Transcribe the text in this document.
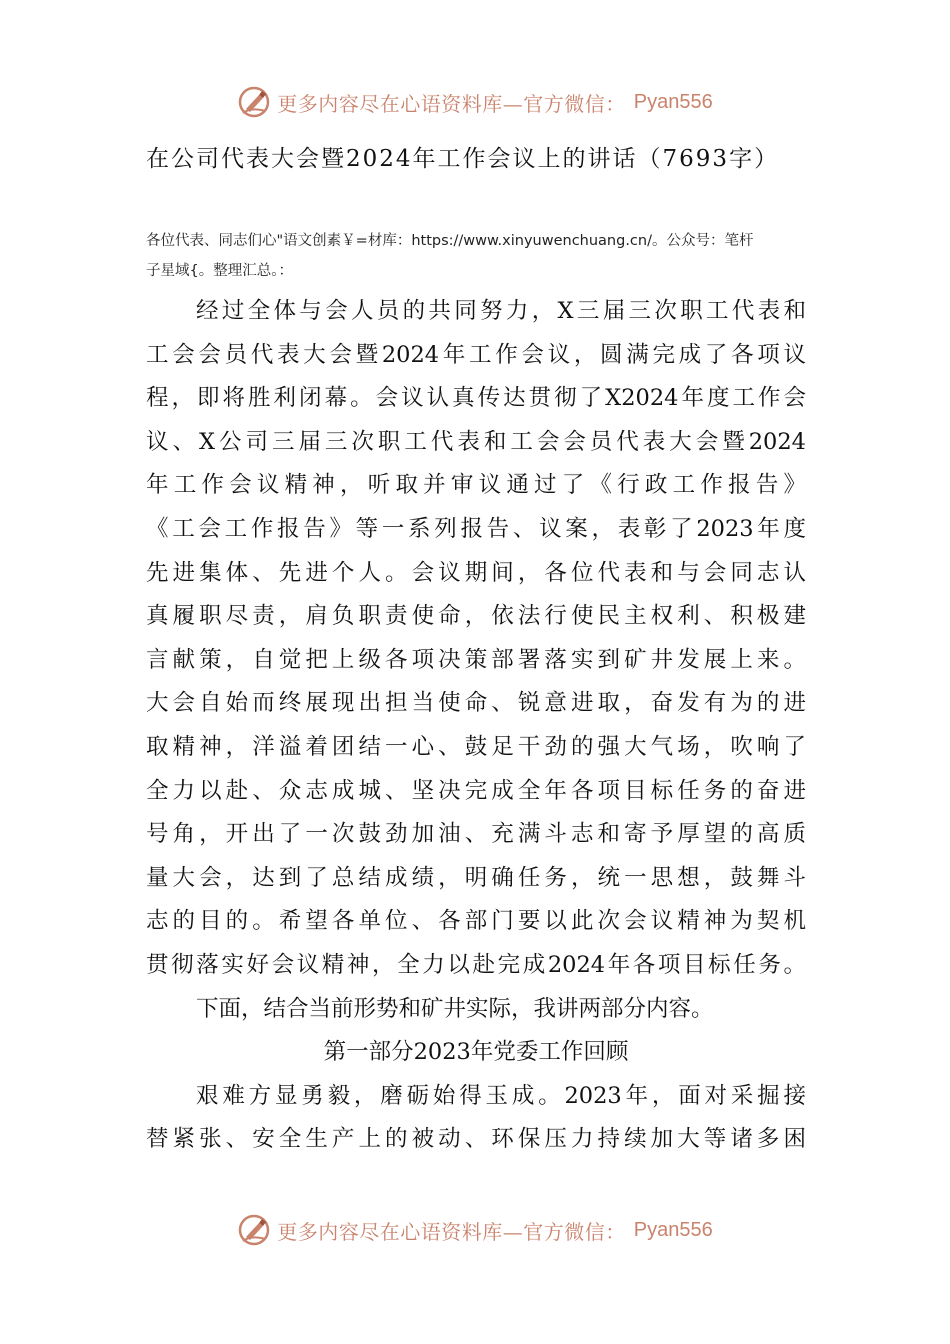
更多内容尽在心语资料库—官方微信： Pyan556
在公司代表大会暨2024年工作会议上的讲话（7693字）
各位代表、同志们心"语文创素￥=材库：https://www.xinyuwenchuang.cn/。公众号：笔杆
子星域{。整理汇总。：
经过全体与会人员的共同努力，X三届三次职工代表和
工会会员代表大会暨2024年工作会议，圆满完成了各项议
程，即将胜利闭幕。会议认真传达贯彻了X2024年度工作会
议、X公司三届三次职工代表和工会会员代表大会暨2024
年工作会议精神，听取并审议通过了《行政工作报告》
《工会工作报告》等一系列报告、议案，表彰了2023年度
先进集体、先进个人。会议期间，各位代表和与会同志认
真履职尽责，肩负职责使命，依法行使民主权利、积极建
言献策，自觉把上级各项决策部署落实到矿井发展上来。
大会自始而终展现出担当使命、锐意进取，奋发有为的进
取精神，洋溢着团结一心、鼓足干劲的强大气场，吹响了
全力以赴、众志成城、坚决完成全年各项目标任务的奋进
号角，开出了一次鼓劲加油、充满斗志和寄予厚望的高质
量大会，达到了总结成绩，明确任务，统一思想，鼓舞斗
志的目的。希望各单位、各部门要以此次会议精神为契机
贯彻落实好会议精神，全力以赴完成2024年各项目标任务。
下面，结合当前形势和矿井实际，我讲两部分内容。
第一部分2023年党委工作回顾
艰难方显勇毅，磨砺始得玉成。2023年，面对采掘接
替紧张、安全生产上的被动、环保压力持续加大等诸多困
更多内容尽在心语资料库—官方微信： Pyan556
